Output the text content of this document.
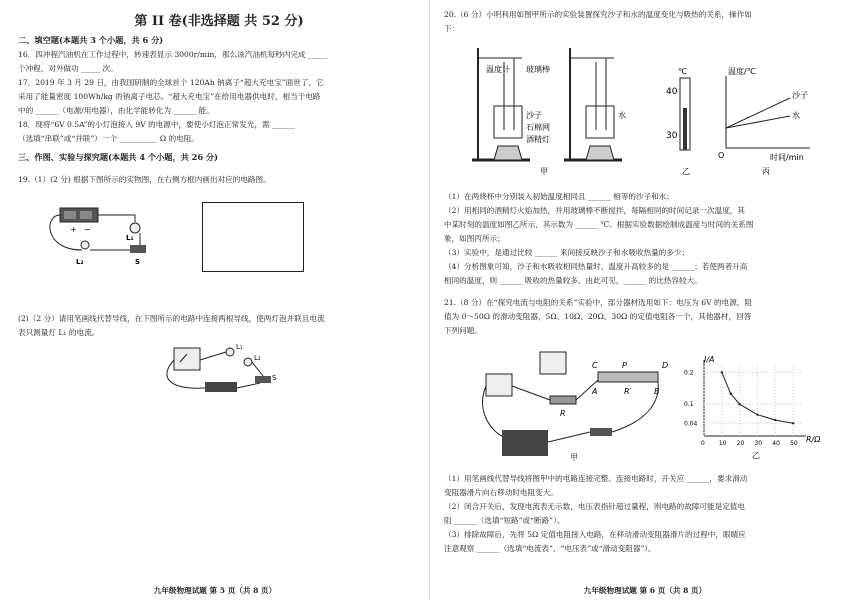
第 II 卷(非选择题 共 52 分)
二、填空题(本题共 3 个小题，共 6 分)
16．四冲程汽油机在工作过程中，转速表显示 3000r/min，那么该汽油机每秒内完成 _____
个冲程，对外做功 _____ 次。
17．2019 年 3 月 29 日，由我国研制的全球首个 120Ah 钠离子“超大充电宝”面世了，它
采用了能量密度 100Wh/kg 的钠离子电芯。“超大充电宝”在给用电器供电时，相当于电路
中的 ______（电源/用电器），由化学能转化为 ______ 能。
18．现将“6V 0.5A”的小灯泡接入 9V 的电源中，要使小灯泡正常发光，需 ______
（选填“串联”或“并联”）一个 __________ Ω 的电阻。
三、作图、实验与探究题(本题共 4 个小题，共 26 分)
19.（1）(2 分) 根据下图所示的实物图，在右侧方框内画出对应的电路图。
+ −
L₁
L₂	S
(2)（2 分）请用笔画线代替导线，在下图所示的电路中连接两根导线，使两灯泡并联且电流
表只测量灯 L₁ 的电流。
L₁
L₂
S
九年级物理试题 第 5 页（共 8 页）
20.（6 分）小明利用如图甲所示的实验装置探究沙子和水的温度变化与吸热的关系，操作如
下：
温度计 玻璃棒
沙子
石棉网
酒精灯
水
甲
40
30
℃
乙
温度/℃
时间/min
O
沙子
水
丙
（1）在两烧杯中分别装入初始温度相同且 ______ 相等的沙子和水；
（2）用相同的酒精灯火焰加热，并用玻璃棒不断搅拌，每隔相同的时间记录一次温度，其
中某时刻的温度如图乙所示，其示数为 ______ ℃。根据实验数据绘制成温度与时间的关系图
象，如图丙所示；
（3）实验中，是通过比较 ______ 来间接反映沙子和水吸收热量的多少；
（4）分析图象可知，沙子和水吸收相同热量时，温度升高较多的是 ______；若使两者升高
相同的温度，则 ______ 吸收的热量较多。由此可见，______ 的比热容较大。
21.（8 分）在“探究电流与电阻的关系”实验中，部分器材选用如下：电压为 6V 的电源，阻
值为 0～50Ω 的滑动变阻器，5Ω、10Ω、20Ω、30Ω 的定值电阻各一个，其他器材，回答
下列问题。
C	P	D
A	R′	B
R
甲
I/A
R/Ω
乙
0 10 20 30 40 50
0.04
0.1
0.2
（1）用笔画线代替导线将图甲中的电路连接完整。连接电路时，开关应 ______，要求滑动
变阻器滑片向右移动时电阻变大。
（2）闭合开关后，发现电流表无示数，电压表指针超过量程，则电路的故障可能是定值电
阻 ______（选填“短路”或“断路”）。
（3）排除故障后，先将 5Ω 定值电阻接入电路，在移动滑动变阻器滑片的过程中，眼睛应
注意观察 ______（选填“电流表”、“电压表”或“滑动变阻器”）。
九年级物理试题 第 6 页（共 8 页）
